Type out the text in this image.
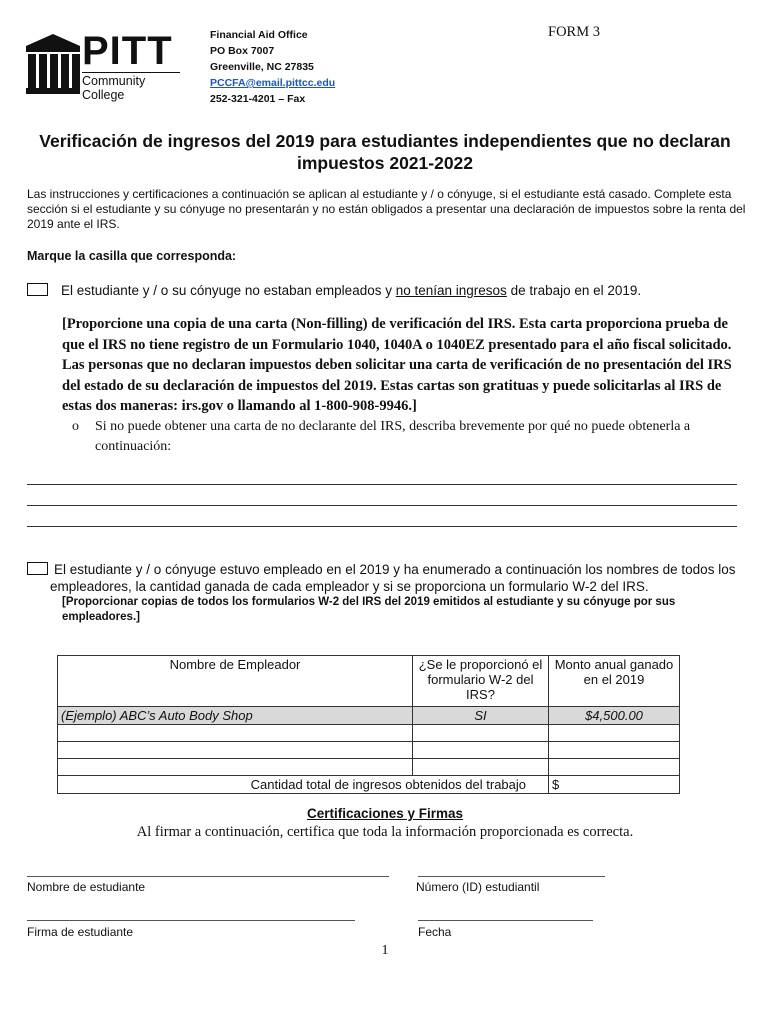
PITT
Community College
Financial Aid Office
PO Box 7007
Greenville, NC 27835
PCCFA@email.pittcc.edu
252-321-4201 – Fax
FORM 3
Verificación de ingresos del 2019 para estudiantes independientes que no declaran impuestos 2021-2022
Las instrucciones y certificaciones a continuación se aplican al estudiante y / o cónyuge, si el estudiante está casado. Complete esta sección si el estudiante y su cónyuge no presentarán y no están obligados a presentar una declaración de impuestos sobre la renta del 2019 ante el IRS.
Marque la casilla que corresponda:
El estudiante y / o su cónyuge no estaban empleados y no tenían ingresos de trabajo en el 2019.
[Proporcione una copia de una carta (Non-filling) de verificación del IRS. Esta carta proporciona prueba de que el IRS no tiene registro de un Formulario 1040, 1040A o 1040EZ presentado para el año fiscal solicitado. Las personas que no declaran impuestos deben solicitar una carta de verificación de no presentación del IRS del estado de su declaración de impuestos del 2019. Estas cartas son gratituas y puede solicitarlas al IRS de estas dos maneras: irs.gov o llamando al 1-800-908-9946.]
o Si no puede obtener una carta de no declarante del IRS, describa brevemente por qué no puede obtenerla a continuación:
El estudiante y / o cónyuge estuvo empleado en el 2019 y ha enumerado a continuación los nombres de todos los empleadores, la cantidad ganada de cada empleador y si se proporciona un formulario W-2 del IRS.
[Proporcionar copias de todos los formularios W-2 del IRS del 2019 emitidos al estudiante y su cónyuge por sus empleadores.]
Nombre de Empleador	¿Se le proporcionó el formulario W-2 del IRS?	Monto anual ganado en el 2019
(Ejemplo) ABC’s Auto Body Shop	SI	$4,500.00

Cantidad total de ingresos obtenidos del trabajo		$
Certificaciones y Firmas
Al firmar a continuación, certifica que toda la información proporcionada es correcta.
Nombre de estudiante	Número (ID) estudiantil
Firma de estudiante	Fecha
1
